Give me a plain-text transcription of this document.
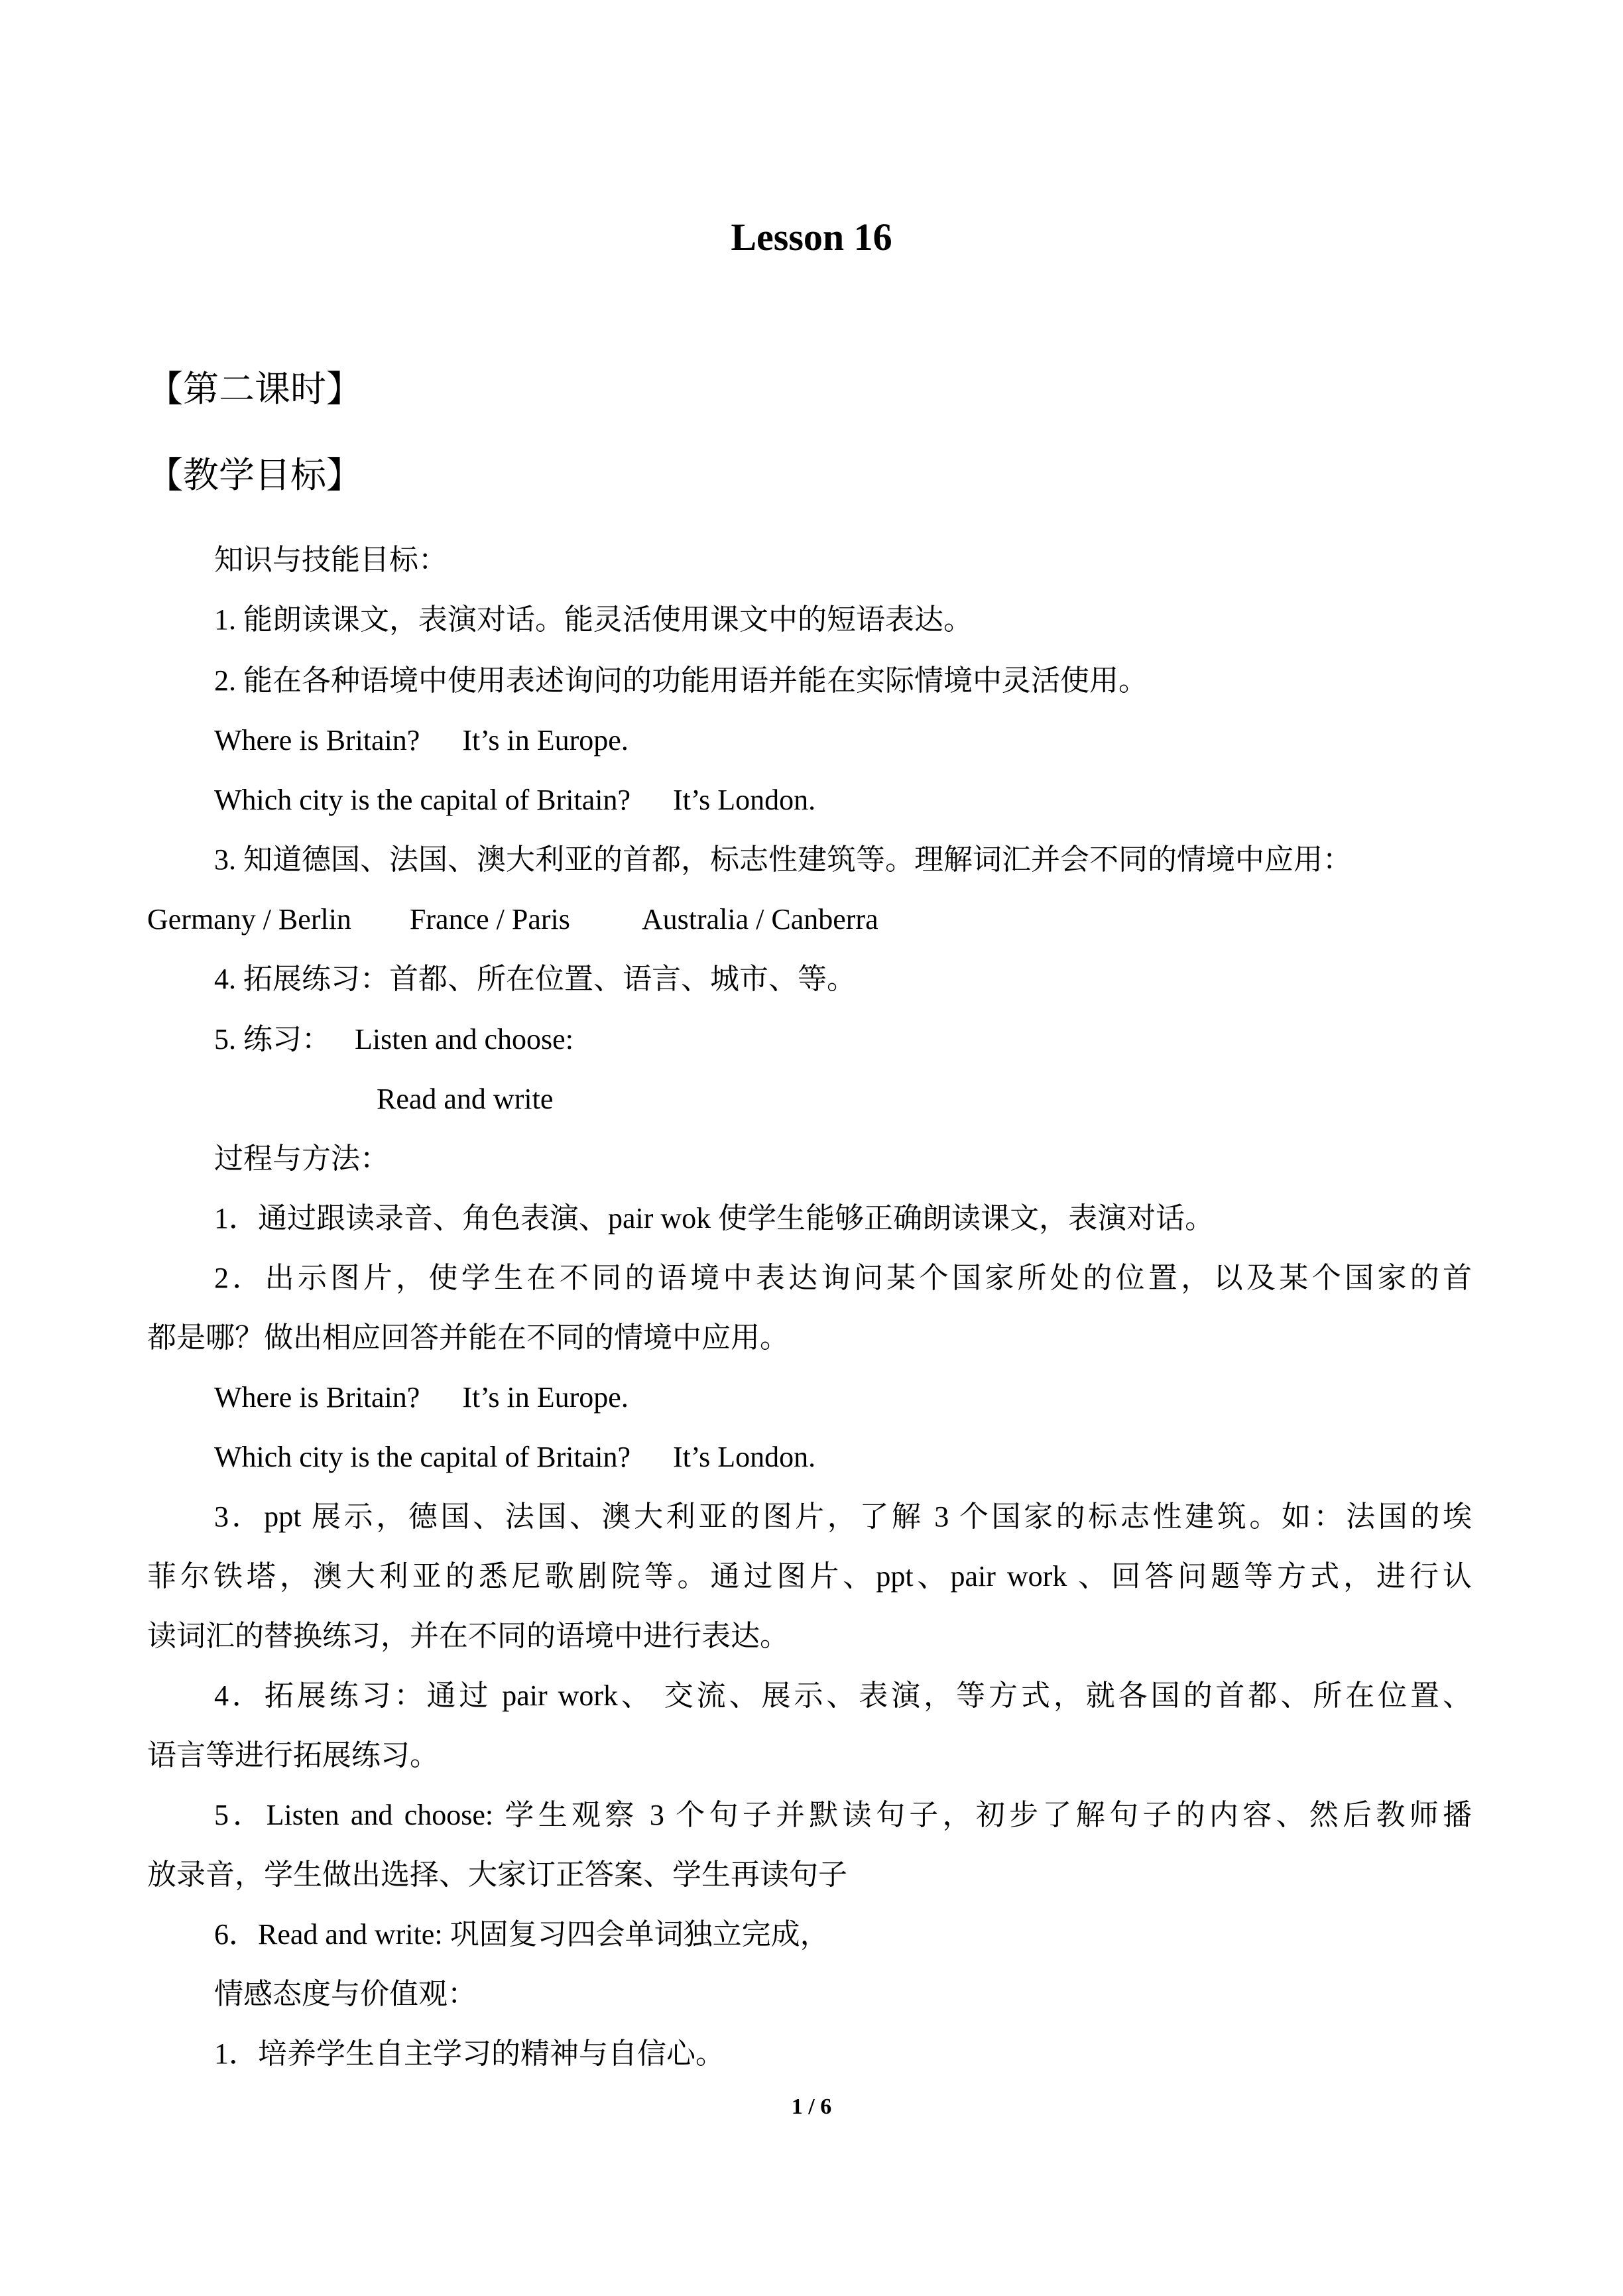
Lesson 16
【第二课时】
【教学目标】
知识与技能目标：
1. 能朗读课文，表演对话。能灵活使用课文中的短语表达。
2. 能在各种语境中使用表述询问的功能用语并能在实际情境中灵活使用。
Where is Britain? It’s in Europe.
Which city is the capital of Britain? It’s London.
3. 知道德国、法国、澳大利亚的首都，标志性建筑等。理解词汇并会不同的情境中应用：
Germany / Berlin France / Paris Australia / Canberra
4. 拓展练习：首都、所在位置、语言、城市、等。
5. 练习： Listen and choose:
Read and write
过程与方法：
1．通过跟读录音、角色表演、pair wok 使学生能够正确朗读课文，表演对话。
2．出示图片，使学生在不同的语境中表达询问某个国家所处的位置，以及某个国家的首
都是哪？做出相应回答并能在不同的情境中应用。
Where is Britain? It’s in Europe.
Which city is the capital of Britain? It’s London.
3．ppt 展示，德国、法国、澳大利亚的图片，了解 3 个国家的标志性建筑。如：法国的埃
菲尔铁塔，澳大利亚的悉尼歌剧院等。通过图片、ppt、pair work 、回答问题等方式，进行认
读词汇的替换练习，并在不同的语境中进行表达。
4．拓展练习：通过 pair work、 交流、展示、表演，等方式，就各国的首都、所在位置、
语言等进行拓展练习。
5．Listen and choose: 学生观察 3 个句子并默读句子，初步了解句子的内容、然后教师播
放录音，学生做出选择、大家订正答案、学生再读句子
6．Read and write: 巩固复习四会单词独立完成，
情感态度与价值观：
1．培养学生自主学习的精神与自信心。
1 / 6
